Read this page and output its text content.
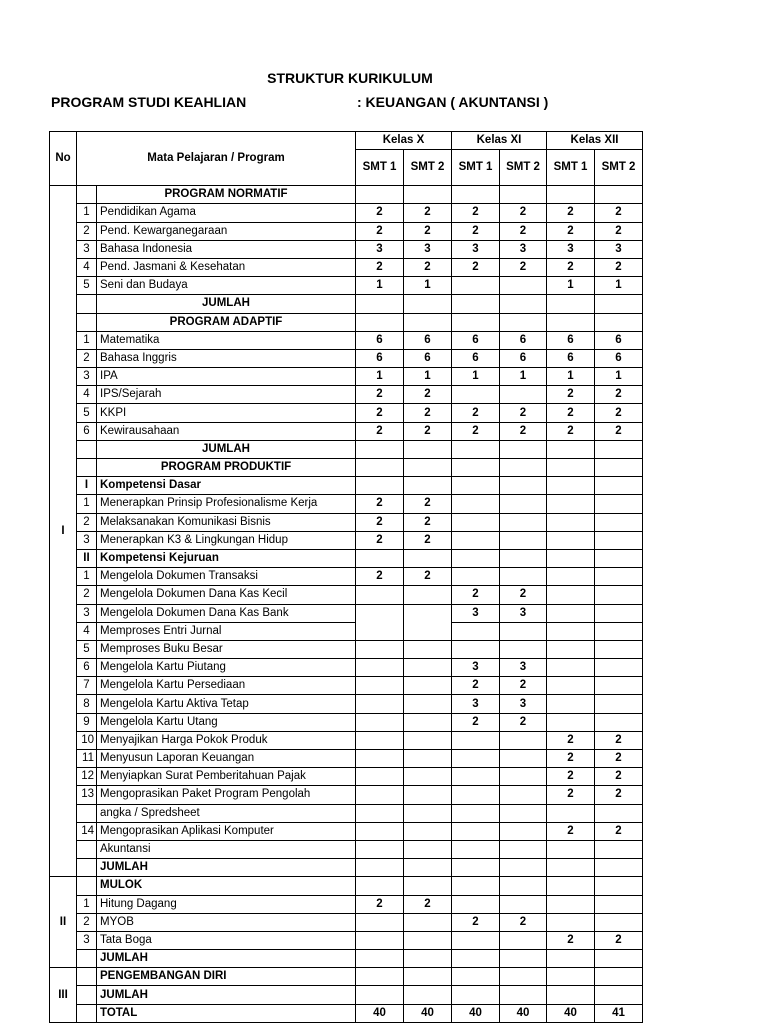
STRUKTUR KURIKULUM
PROGRAM STUDI KEAHLIAN	: KEUANGAN ( AKUNTANSI )
No	Mata Pelajaran / Program		Kelas X		Kelas XI		Kelas XII	
			SMT 1	SMT 2	SMT 1	SMT 2	SMT 1	SMT 2
I		PROGRAM NORMATIF						
	1	Pendidikan Agama	2	2	2	2	2	2
	2	Pend. Kewarganegaraan	2	2	2	2	2	2
	3	Bahasa Indonesia	3	3	3	3	3	3
	4	Pend. Jasmani & Kesehatan	2	2	2	2	2	2
	5	Seni dan Budaya	1	1			1	1
		JUMLAH						
		PROGRAM ADAPTIF						
	1	Matematika	6	6	6	6	6	6
	2	Bahasa Inggris	6	6	6	6	6	6
	3	IPA	1	1	1	1	1	1
	4	IPS/Sejarah	2	2			2	2
	5	KKPI	2	2	2	2	2	2
	6	Kewirausahaan	2	2	2	2	2	2
		JUMLAH						
		PROGRAM PRODUKTIF						
	I	Kompetensi Dasar						
	1	Menerapkan Prinsip Profesionalisme Kerja	2	2				
	2	Melaksanakan Komunikasi Bisnis	2	2				
	3	Menerapkan K3 & Lingkungan Hidup	2	2				
	II	Kompetensi Kejuruan						
	1	Mengelola Dokumen Transaksi	2	2				
	2	Mengelola Dokumen Dana Kas Kecil			2	2		
	3	Mengelola Dokumen Dana Kas Bank			3	3		
	4	Memproses Entri Jurnal						
	5	Memproses Buku Besar						
	6	Mengelola Kartu Piutang			3	3		
	7	Mengelola Kartu Persediaan			2	2		
	8	Mengelola Kartu Aktiva Tetap			3	3		
	9	Mengelola Kartu Utang			2	2		
	10	Menyajikan Harga Pokok Produk					2	2
	11	Menyusun Laporan Keuangan					2	2
	12	Menyiapkan Surat Pemberitahuan Pajak					2	2
	13	Mengoprasikan Paket Program Pengolah					2	2
		angka / Spredsheet						
	14	Mengoprasikan Aplikasi Komputer					2	2
		Akuntansi						
		JUMLAH						
II		MULOK						
	1	Hitung Dagang	2	2				
	2	MYOB			2	2		
	3	Tata Boga					2	2
		JUMLAH						
III		PENGEMBANGAN DIRI						
		JUMLAH						
		TOTAL	40	40	40	40	40	41
